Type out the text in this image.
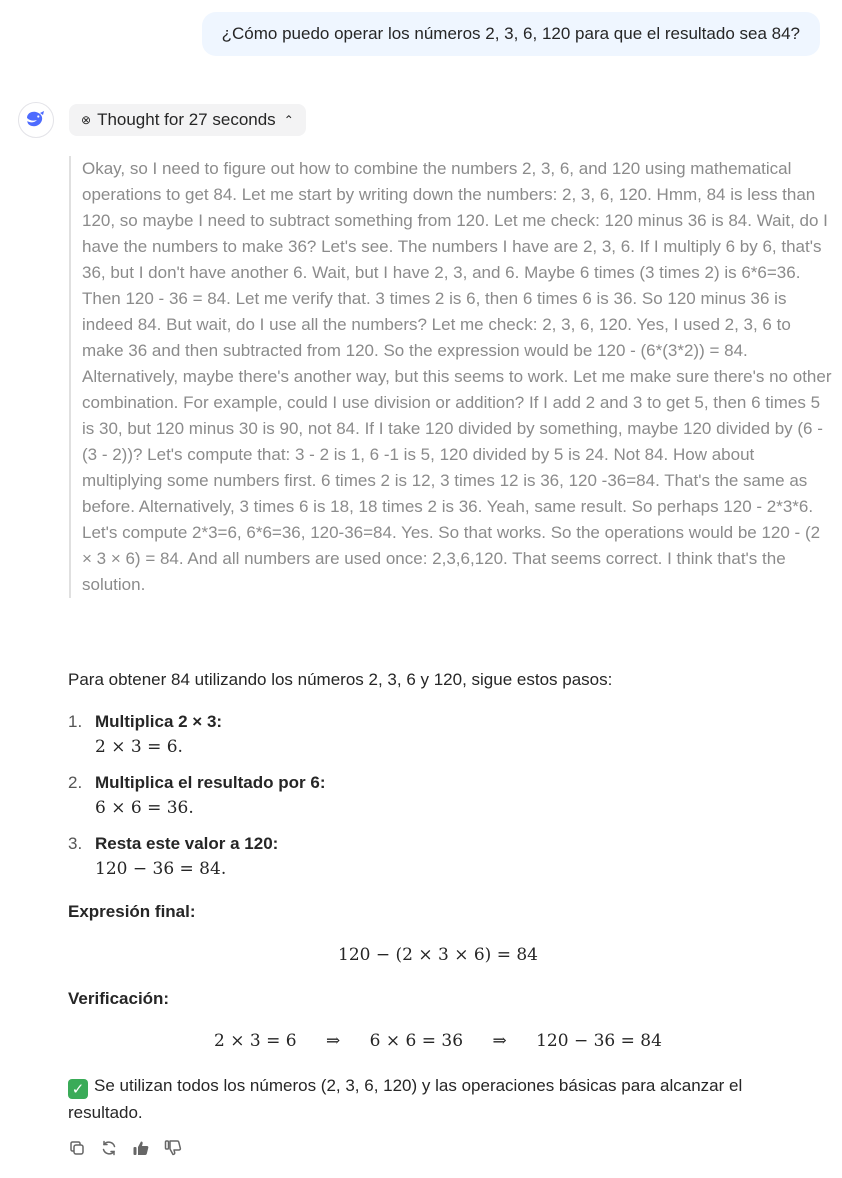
¿Cómo puedo operar los números 2, 3, 6, 120 para que el resultado sea 84?
⊗ Thought for 27 seconds ⌃

Okay, so I need to figure out how to combine the numbers 2, 3, 6, and 120 using mathematical operations to get 84. Let me start by writing down the numbers: 2, 3, 6, 120. Hmm, 84 is less than 120, so maybe I need to subtract something from 120. Let me check: 120 minus 36 is 84. Wait, do I have the numbers to make 36? Let's see. The numbers I have are 2, 3, 6. If I multiply 6 by 6, that's 36, but I don't have another 6. Wait, but I have 2, 3, and 6. Maybe 6 times (3 times 2) is 6*6=36. Then 120 - 36 = 84. Let me verify that. 3 times 2 is 6, then 6 times 6 is 36. So 120 minus 36 is indeed 84. But wait, do I use all the numbers? Let me check: 2, 3, 6, 120. Yes, I used 2, 3, 6 to make 36 and then subtracted from 120. So the expression would be 120 - (6*(3*2)) = 84. Alternatively, maybe there's another way, but this seems to work. Let me make sure there's no other combination. For example, could I use division or addition? If I add 2 and 3 to get 5, then 6 times 5 is 30, but 120 minus 30 is 90, not 84. If I take 120 divided by something, maybe 120 divided by (6 - (3 - 2))? Let's compute that: 3 - 2 is 1, 6 -1 is 5, 120 divided by 5 is 24. Not 84. How about multiplying some numbers first. 6 times 2 is 12, 3 times 12 is 36, 120 -36=84. That's the same as before. Alternatively, 3 times 6 is 18, 18 times 2 is 36. Yeah, same result. So perhaps 120 - 2*3*6. Let's compute 2*3=6, 6*6=36, 120-36=84. Yes. So that works. So the operations would be 120 - (2 × 3 × 6) = 84. And all numbers are used once: 2,3,6,120. That seems correct. I think that's the solution.

Para obtener 84 utilizando los números 2, 3, 6 y 120, sigue estos pasos:

1. Multiplica 2 × 3:
2 × 3 = 6.
2. Multiplica el resultado por 6:
6 × 6 = 36.
3. Resta este valor a 120:
120 − 36 = 84.

Expresión final:

120 − (2 × 3 × 6) = 84

Verificación:

2 × 3 = 6 ⇒ 6 × 6 = 36 ⇒ 120 − 36 = 84

✓ Se utilizan todos los números (2, 3, 6, 120) y las operaciones básicas para alcanzar el resultado.
